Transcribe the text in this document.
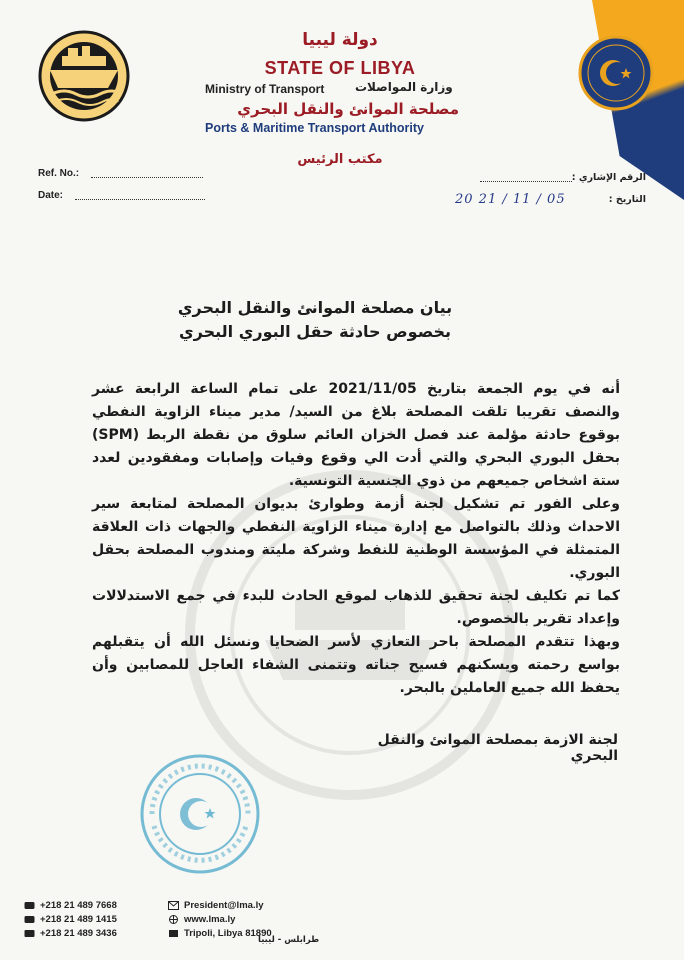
دولة ليبيا
STATE OF LIBYA
Ministry of Transport	وزارة المواصلات
مصلحة الموانئ والنقل البحري
Ports & Maritime Transport Authority
مكتب الرئيس
Ref. No.:
Date:
الرقم الإشاري :
التاريخ :
20 21 / 11 / 05
بيان مصلحة الموانئ والنقل البحري
بخصوص حادثة حقل البوري البحري

أنه في يوم الجمعة بتاريخ 2021/11/05 على تمام الساعة الرابعة عشر والنصف تقريبا تلقت المصلحة بلاغ من السيد/ مدير ميناء الزاوية النفطي بوقوع حادثة مؤلمة عند فصل الخزان العائم سلوق من نقطة الربط (SPM) بحقل البوري البحري والتي أدت الي وقوع وفيات وإصابات ومفقودين لعدد ستة اشخاص جميعهم من ذوي الجنسية التونسية.

وعلى الفور تم تشكيل لجنة أزمة وطوارئ بديوان المصلحة لمتابعة سير الاحداث وذلك بالتواصل مع إدارة ميناء الزاوية النفطي والجهات ذات العلاقة المتمثلة في المؤسسة الوطنية للنفط وشركة مليتة ومندوب المصلحة بحقل البوري.

كما تم تكليف لجنة تحقيق للذهاب لموقع الحادث للبدء في جمع الاستدلالات وإعداد تقرير بالخصوص.

وبهذا تتقدم المصلحة باحر التعازي لأسر الضحايا ونسئل الله أن يتقبلهم بواسع رحمته ويسكنهم فسيح جناته وتتمنى الشفاء العاجل للمصابين وأن يحفظ الله جميع العاملين بالبحر.

لجنة الازمة بمصلحة الموانئ والنقل البحري
+218 21 489 7668
+218 21 489 1415
+218 21 489 3436
President@lma.ly
www.lma.ly
Tripoli, Libya 81890
طرابلس - ليبيا
